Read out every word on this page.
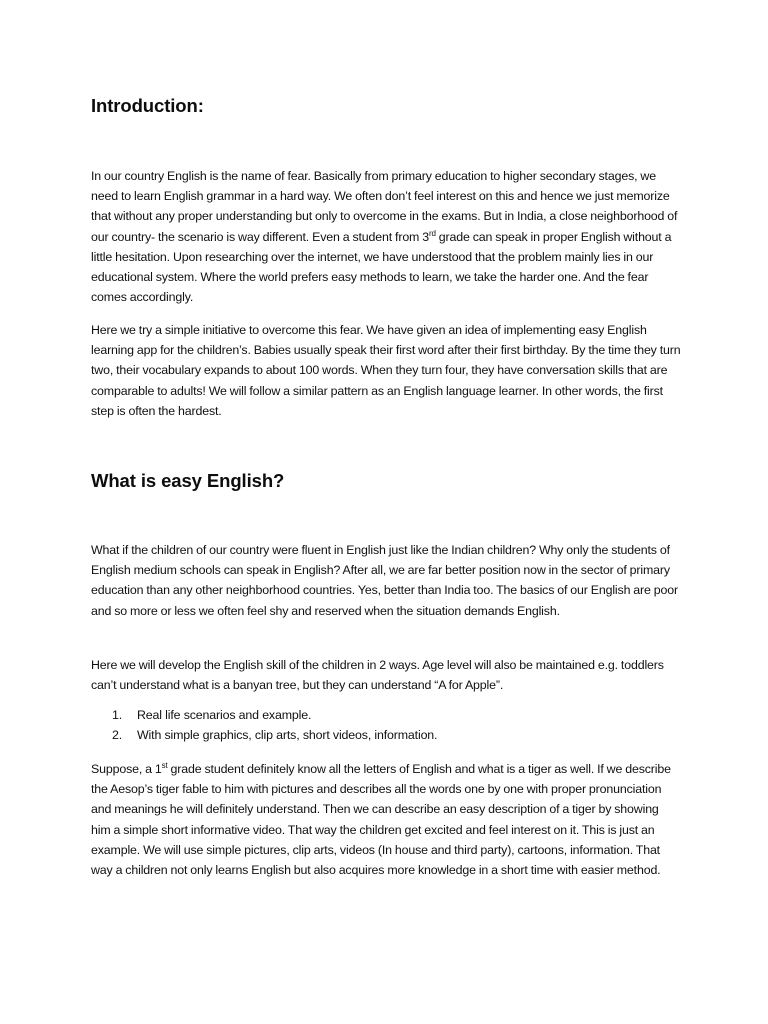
Introduction:

In our country English is the name of fear. Basically from primary education to higher secondary stages, we need to learn English grammar in a hard way. We often don’t feel interest on this and hence we just memorize that without any proper understanding but only to overcome in the exams. But in India, a close neighborhood of our country- the scenario is way different. Even a student from 3rd grade can speak in proper English without a little hesitation. Upon researching over the internet, we have understood that the problem mainly lies in our educational system. Where the world prefers easy methods to learn, we take the harder one. And the fear comes accordingly.

Here we try a simple initiative to overcome this fear. We have given an idea of implementing easy English learning app for the children’s. Babies usually speak their first word after their first birthday. By the time they turn two, their vocabulary expands to about 100 words. When they turn four, they have conversation skills that are comparable to adults! We will follow a similar pattern as an English language learner. In other words, the first step is often the hardest.

What is easy English?

What if the children of our country were fluent in English just like the Indian children? Why only the students of English medium schools can speak in English? After all, we are far better position now in the sector of primary education than any other neighborhood countries. Yes, better than India too. The basics of our English are poor and so more or less we often feel shy and reserved when the situation demands English.

Here we will develop the English skill of the children in 2 ways. Age level will also be maintained e.g. toddlers can’t understand what is a banyan tree, but they can understand “A for Apple”.

1. Real life scenarios and example.
2. With simple graphics, clip arts, short videos, information.

Suppose, a 1st grade student definitely know all the letters of English and what is a tiger as well. If we describe the Aesop’s tiger fable to him with pictures and describes all the words one by one with proper pronunciation and meanings he will definitely understand. Then we can describe an easy description of a tiger by showing him a simple short informative video. That way the children get excited and feel interest on it. This is just an example. We will use simple pictures, clip arts, videos (In house and third party), cartoons, information. That way a children not only learns English but also acquires more knowledge in a short time with easier method.
